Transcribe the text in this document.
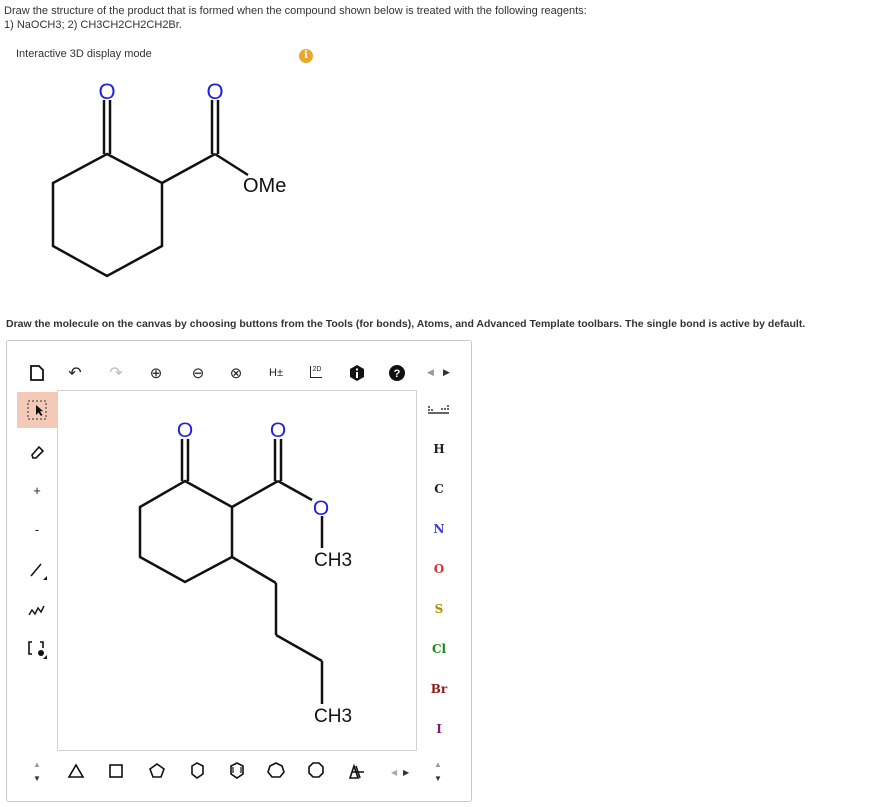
Draw the structure of the product that is formed when the compound shown below is treated with the following reagents:
1) NaOCH3; 2) CH3CH2CH2CH2Br.
Interactive 3D display mode	i
O	O
OMe
Draw the molecule on the canvas by choosing buttons from the Tools (for bonds), Atoms, and Advanced Template toolbars. The single bond is active by default.
↶ ↷ ⊕ ⊖ ⊗	H±	2D	?	◀ ▶
+
-
▲
▼
H
C
N
O
S
Cl
Br
I
▲
▼
O	O
O
CH3
CH3
◀ ▶
